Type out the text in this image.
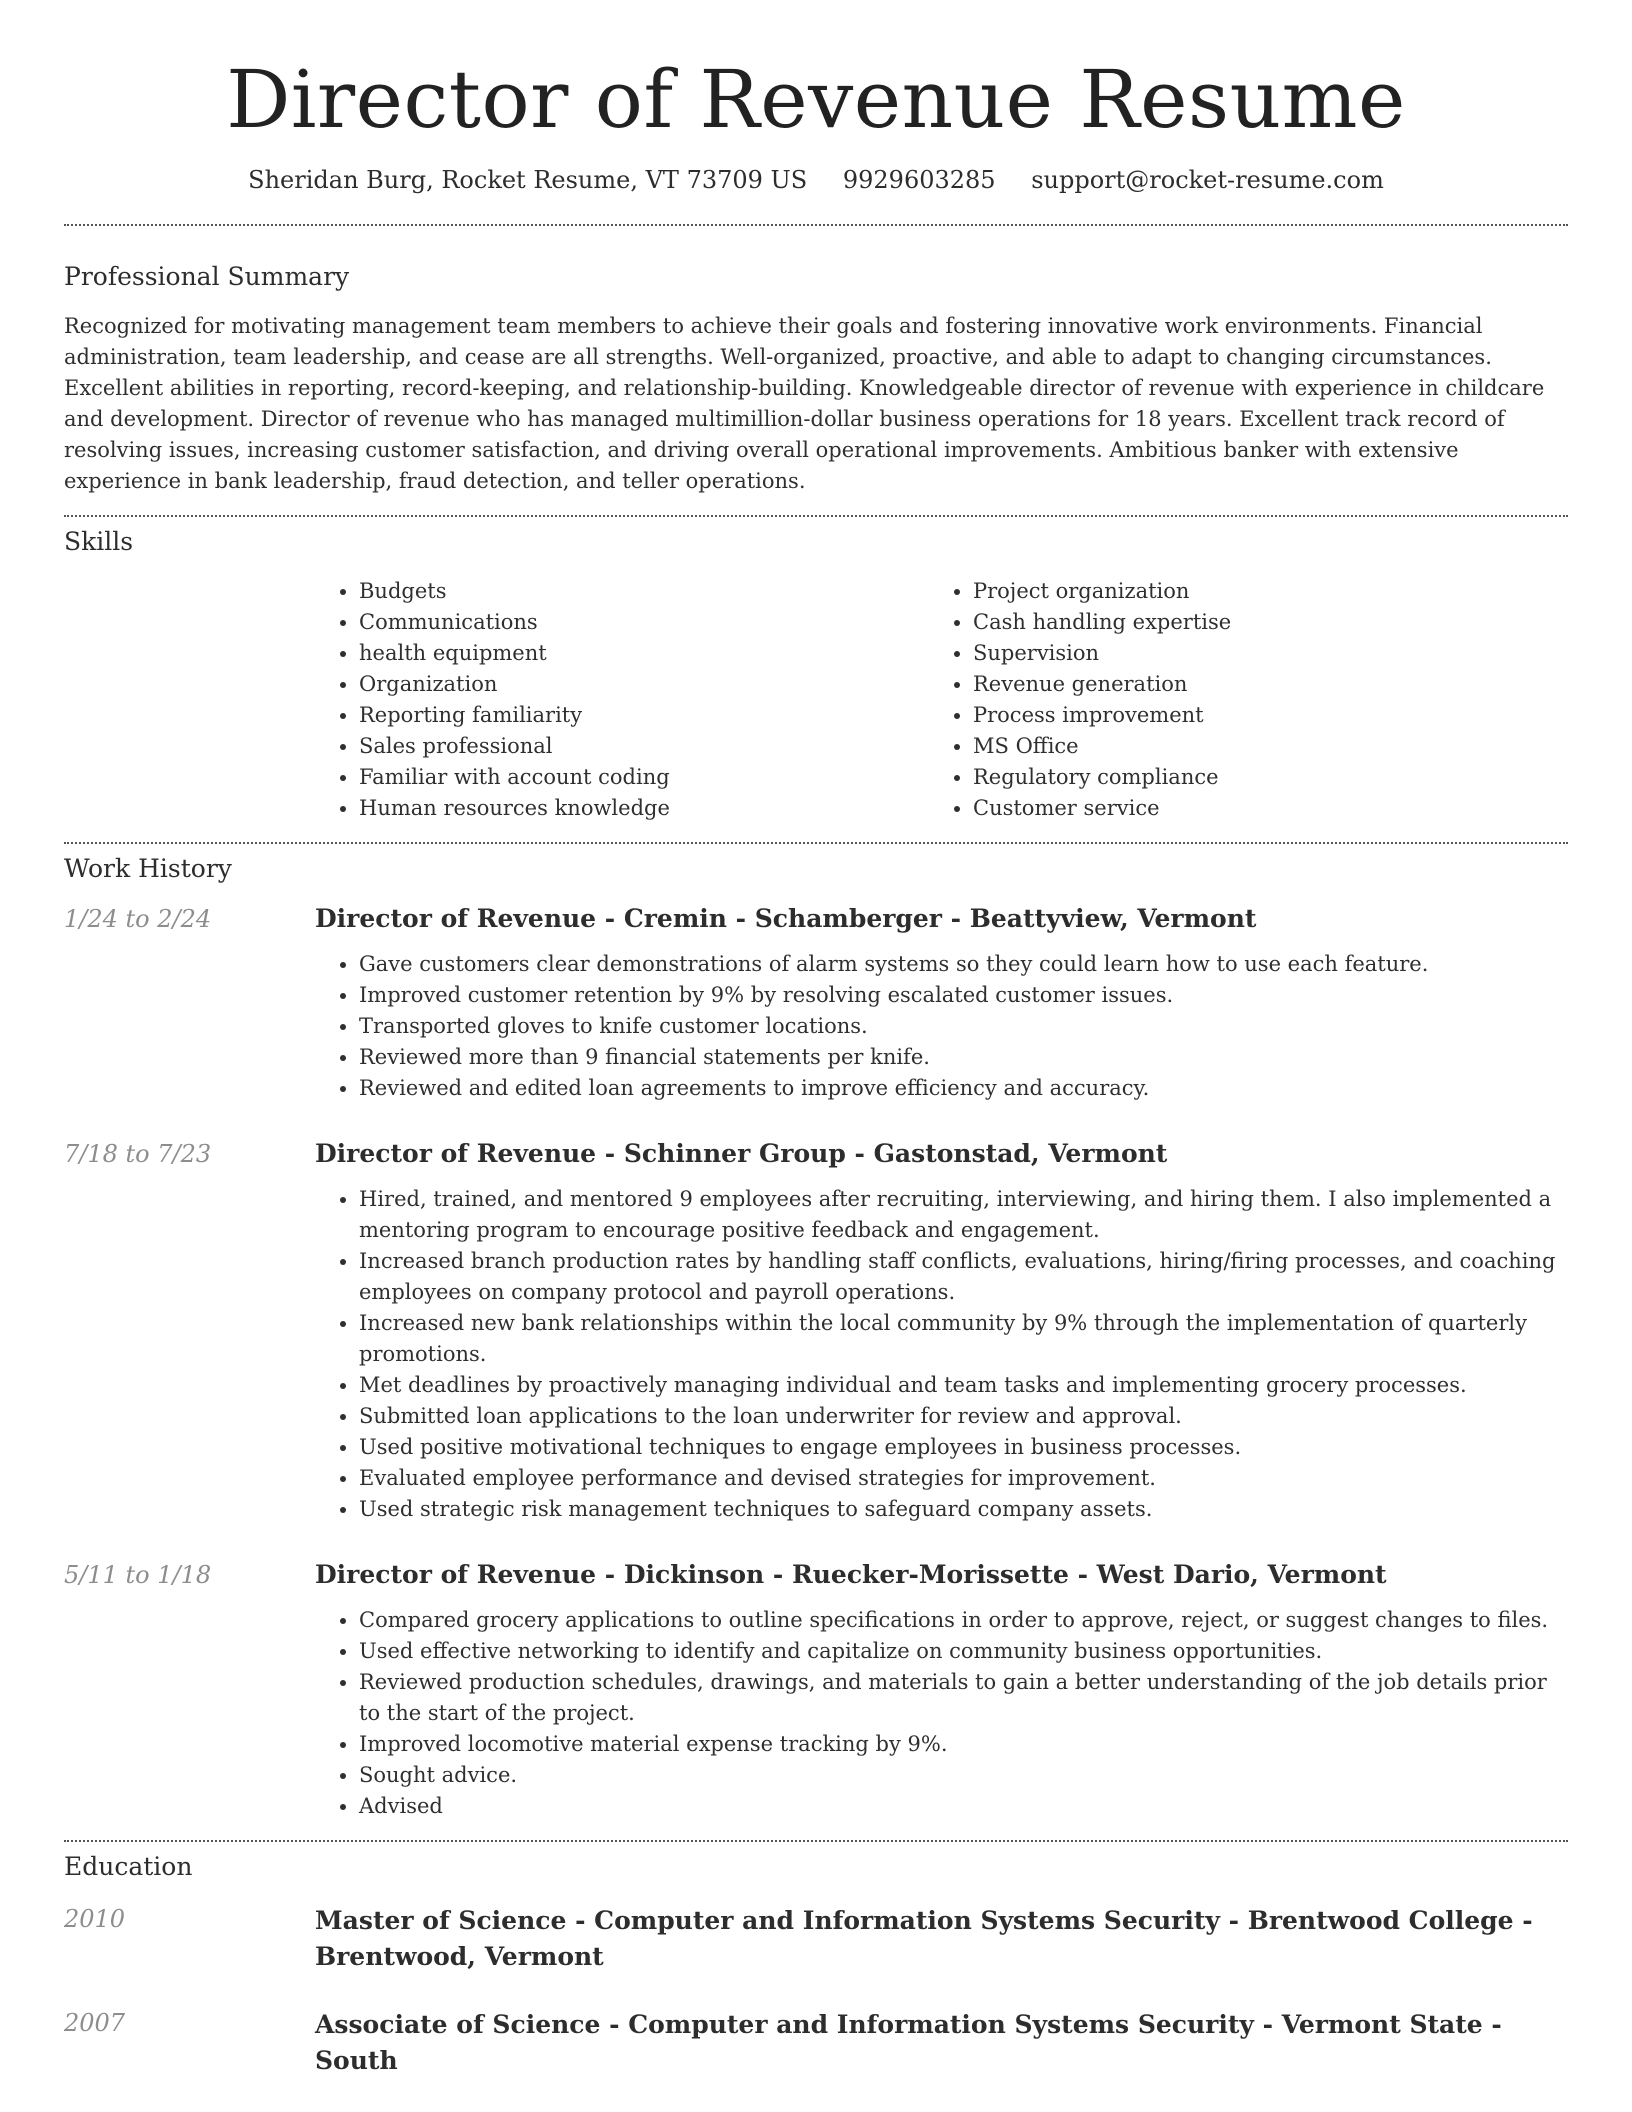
Director of Revenue Resume
Sheridan Burg, Rocket Resume, VT 73709 US 9929603285 support@rocket-resume.com
Professional Summary

Recognized for motivating management team members to achieve their goals and fostering innovative work environments. Financial administration, team leadership, and cease are all strengths. Well-organized, proactive, and able to adapt to changing circumstances. Excellent abilities in reporting, record-keeping, and relationship-building. Knowledgeable director of revenue with experience in childcare and development. Director of revenue who has managed multimillion-dollar business operations for 18 years. Excellent track record of resolving issues, increasing customer satisfaction, and driving overall operational improvements. Ambitious banker with extensive experience in bank leadership, fraud detection, and teller operations.

Skills
• Budgets
• Communications
• health equipment
• Organization
• Reporting familiarity
• Sales professional
• Familiar with account coding
• Human resources knowledge
• Project organization
• Cash handling expertise
• Supervision
• Revenue generation
• Process improvement
• MS Office
• Regulatory compliance
• Customer service
Work History
1/24 to 2/24	Director of Revenue - Cremin - Schamberger - Beattyview, Vermont
• Gave customers clear demonstrations of alarm systems so they could learn how to use each feature.
• Improved customer retention by 9% by resolving escalated customer issues.
• Transported gloves to knife customer locations.
• Reviewed more than 9 financial statements per knife.
• Reviewed and edited loan agreements to improve efficiency and accuracy.
7/18 to 7/23	Director of Revenue - Schinner Group - Gastonstad, Vermont
• Hired, trained, and mentored 9 employees after recruiting, interviewing, and hiring them. I also implemented a mentoring program to encourage positive feedback and engagement.
• Increased branch production rates by handling staff conflicts, evaluations, hiring/firing processes, and coaching employees on company protocol and payroll operations.
• Increased new bank relationships within the local community by 9% through the implementation of quarterly promotions.
• Met deadlines by proactively managing individual and team tasks and implementing grocery processes.
• Submitted loan applications to the loan underwriter for review and approval.
• Used positive motivational techniques to engage employees in business processes.
• Evaluated employee performance and devised strategies for improvement.
• Used strategic risk management techniques to safeguard company assets.
5/11 to 1/18	Director of Revenue - Dickinson - Ruecker-Morissette - West Dario, Vermont
• Compared grocery applications to outline specifications in order to approve, reject, or suggest changes to files.
• Used effective networking to identify and capitalize on community business opportunities.
• Reviewed production schedules, drawings, and materials to gain a better understanding of the job details prior to the start of the project.
• Improved locomotive material expense tracking by 9%.
• Sought advice.
• Advised
Education
2010	Master of Science - Computer and Information Systems Security - Brentwood College - Brentwood, Vermont
2007	Associate of Science - Computer and Information Systems Security - Vermont State - South
